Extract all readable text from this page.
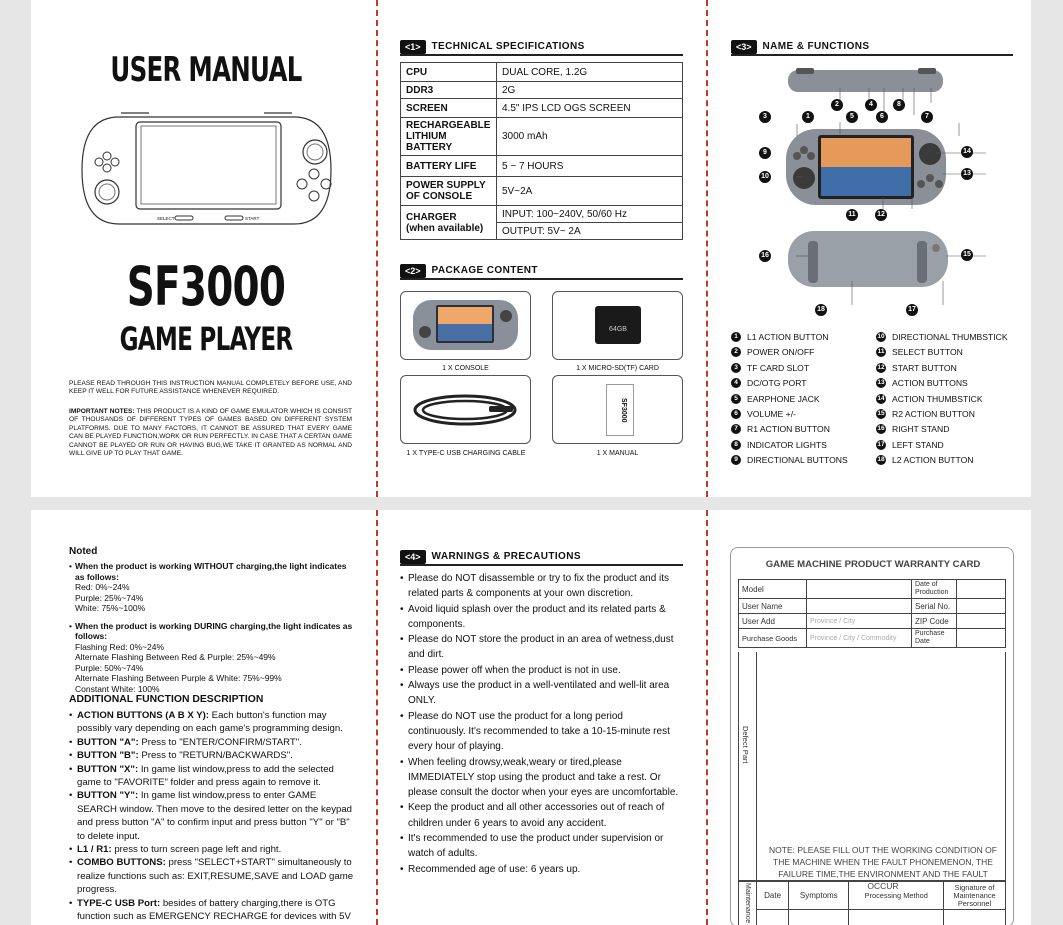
USER MANUAL
SELECT	START
SF3000
GAME PLAYER
PLEASE READ THROUGH THIS INSTRUCTION MANUAL COMPLETELY BEFORE USE, AND KEEP IT WELL FOR FUTURE ASSISTANCE WHENEVER REQUIRED.
IMPORTANT NOTES: THIS PRODUCT IS A KIND OF GAME EMULATOR WHICH IS CONSIST OF THOUSANDS OF DIFFERENT TYPES OF GAMES BASED ON DIFFERENT SYSTEM PLATFORMS. DUE TO MANY FACTORS, IT CANNOT BE ASSURED THAT EVERY GAME CAN BE PLAYED FUNCTION,WORK OR RUN PERFECTLY. IN CASE THAT A CERTAN GAME CANNOT BE PLAYED OR RUN OR HAVING BUG,WE TAKE IT GRANTED AS NORMAL AND WILL GIVE UP TO PLAY THAT GAME.
<1>	TECHNICAL SPECIFICATIONS
CPU	DUAL CORE, 1.2G
DDR3	2G
SCREEN	4.5" IPS LCD OGS SCREEN
RECHARGEABLE LITHIUM BATTERY	3000 mAh
BATTERY LIFE	5 ~ 7 HOURS
POWER SUPPLY OF CONSOLE	5V~2A
CHARGER
(when available)	INPUT: 100~240V, 50/60 Hz
	OUTPUT: 5V~ 2A
<2>	PACKAGE CONTENT
64GB
SF3000
1 X CONSOLE	1 X MICRO-SD(TF) CARD
1 X TYPE-C USB CHARGING CABLE	1 X MANUAL
<3>	NAME & FUNCTIONS
3	1
2
5
4
6
8
7
9
10
14
13
11	12
16	15
18	17
1	L1 ACTION BUTTON
2	POWER ON/OFF
3	TF CARD SLOT
4	DC/OTG PORT
5	EARPHONE JACK
6	VOLUME +/-
7	R1 ACTION BUTTON
8	INDICATOR LIGHTS
9	DIRECTIONAL BUTTONS
10 DIRECTIONAL THUMBSTICK
11 SELECT BUTTON
12 START BUTTON
13 ACTION BUTTONS
14 ACTION THUMBSTICK
15 R2 ACTION BUTTON
16 RIGHT STAND
17 LEFT STAND
18 L2 ACTION BUTTON
Noted
• When the product is working WITHOUT charging,the light indicates as follows:
Red: 0%~24%
Purple: 25%~74%
White: 75%~100%
• When the product is working DURING charging,the light indicates as follows:
Flashing Red: 0%~24%
Alternate Flashing Between Red & Purple: 25%~49%
Purple: 50%~74%
Alternate Flashing Between Purple & White: 75%~99%
Constant White: 100%
ADDITIONAL FUNCTION DESCRIPTION
• ACTION BUTTONS (A B X Y): Each button's function may possibly vary depending on each game's programming design.
• BUTTON "A": Press to "ENTER/CONFIRM/START".
• BUTTON "B": Press to "RETURN/BACKWARDS".
• BUTTON "X": In game list window,press to add the selected game to "FAVORITE" folder and press again to remove it.
• BUTTON "Y": In game list window,press to enter GAME SEARCH window. Then move to the desired letter on the keypad and press button "A" to confirm input and press button "Y" or "B" to delete input.
• L1 / R1: press to turn screen page left and right.
• COMBO BUTTONS: press "SELECT+START" simultaneously to realize functions such as: EXIT,RESUME,SAVE and LOAD game progress.
• TYPE-C USB Port: besides of battery charging,there is OTG function such as EMERGENCY RECHARGE for devices with 5V
<4>	WARNINGS & PRECAUTIONS
• Please do NOT disassemble or try to fix the product and its related parts & components at your own discretion.
• Avoid liquid splash over the product and its related parts & components.
• Please do NOT store the product in an area of wetness,dust and dirt.
• Please power off when the product is not in use.
• Always use the product in a well-ventilated and well-lit area ONLY.
• Please do NOT use the product for a long period continuously. It's recommended to take a 10-15-minute rest every hour of playing.
• When feeling drowsy,weak,weary or tired,please IMMEDIATELY stop using the product and take a rest. Or please consult the doctor when your eyes are uncomfortable.
• Keep the product and all other accessories out of reach of children under 6 years to avoid any accident.
• It's recommended to use the product under supervision or watch of adults.
• Recommended age of use: 6 years up.
GAME MACHINE PRODUCT WARRANTY CARD
Model		Date of Production	
User Name		Serial No.	
User Add	Province / City	ZIP Code	
Purchase Goods	Province / City / Commodity	Purchase Date	
Defect Part
NOTE: PLEASE FILL OUT THE WORKING CONDITION OF THE MACHINE WHEN THE FAULT PHONEMENON, THE FAILURE TIME,THE ENVIRONMENT AND THE FAULT OCCUR
Maintenance	Date	Symptoms	Processing Method	Signature of Maintenance Personnel
